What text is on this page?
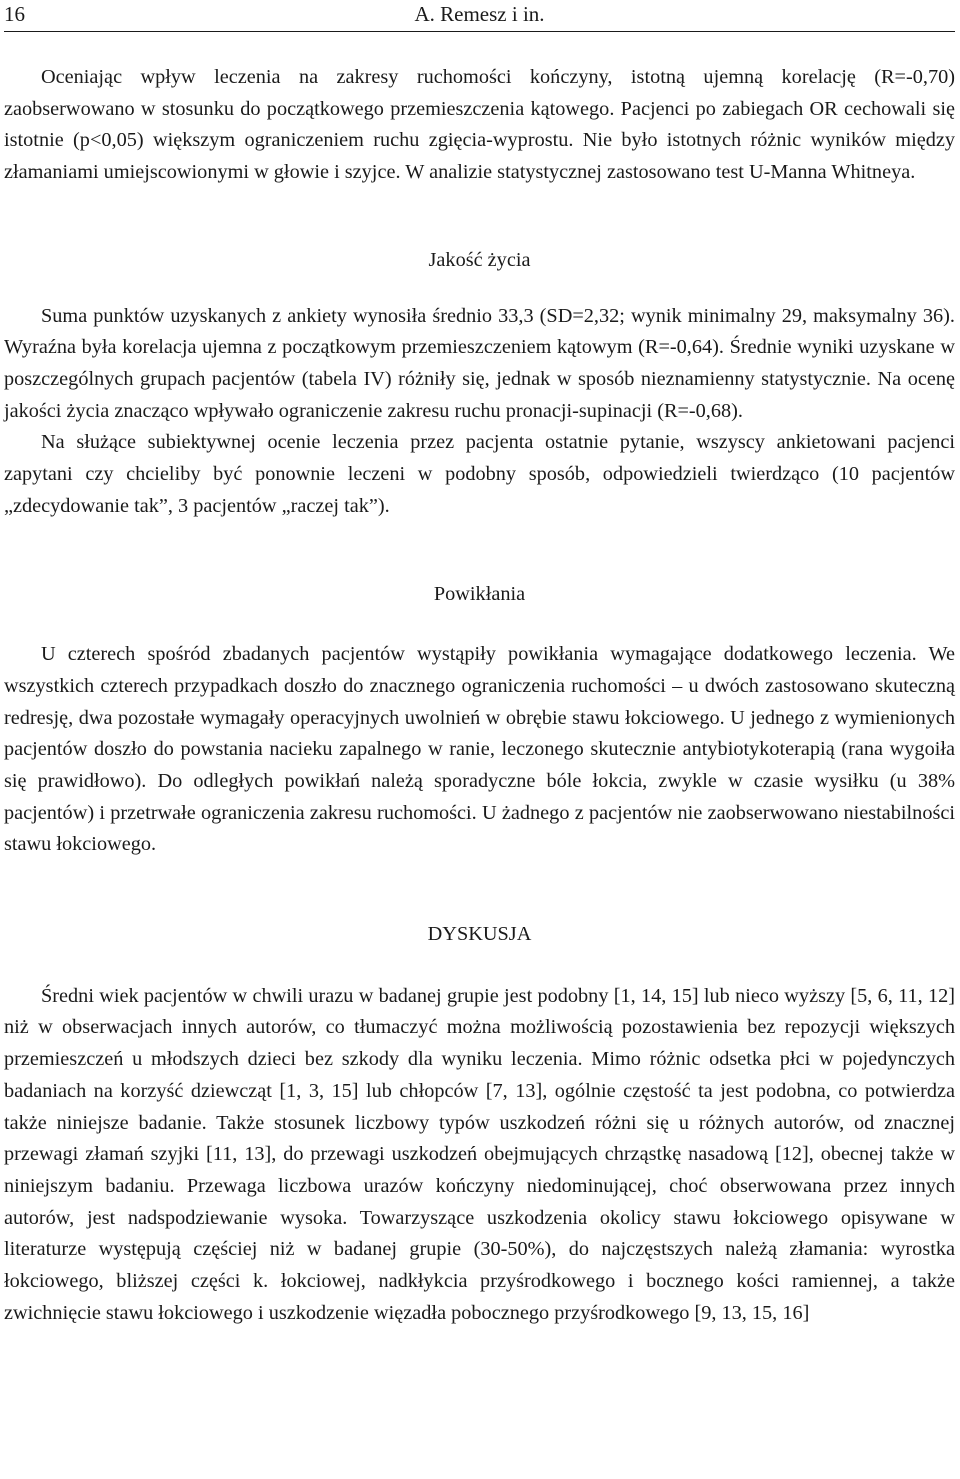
16	A. Remesz i in.

Oceniając wpływ leczenia na zakresy ruchomości kończyny, istotną ujemną korelację (R=-0,70) zaobserwowano w stosunku do początkowego przemieszczenia kątowego. Pacjenci po zabiegach OR cechowali się istotnie (p<0,05) większym ograniczeniem ruchu zgięcia-wyprostu. Nie było istotnych różnic wyników między złamaniami umiejscowionymi w głowie i szyjce. W analizie statystycznej zastosowano test U-Manna Whitneya.

Jakość życia

Suma punktów uzyskanych z ankiety wynosiła średnio 33,3 (SD=2,32; wynik minimalny 29, maksymalny 36). Wyraźna była korelacja ujemna z początkowym przemieszczeniem kątowym (R=-0,64). Średnie wyniki uzyskane w poszczególnych grupach pacjentów (tabela IV) różniły się, jednak w sposób nieznamienny statystycznie. Na ocenę jakości życia znacząco wpływało ograniczenie zakresu ruchu pronacji-supinacji (R=-0,68).

Na służące subiektywnej ocenie leczenia przez pacjenta ostatnie pytanie, wszyscy ankietowani pacjenci zapytani czy chcieliby być ponownie leczeni w podobny sposób, odpowiedzieli twierdząco (10 pacjentów „zdecydowanie tak”, 3 pacjentów „raczej tak”).

Powikłania

U czterech spośród zbadanych pacjentów wystąpiły powikłania wymagające dodatkowego leczenia. We wszystkich czterech przypadkach doszło do znacznego ograniczenia ruchomości – u dwóch zastosowano skuteczną redresję, dwa pozostałe wymagały operacyjnych uwolnień w obrębie stawu łokciowego. U jednego z wymienionych pacjentów doszło do powstania nacieku zapalnego w ranie, leczonego skutecznie antybiotykoterapią (rana wygoiła się prawidłowo). Do odległych powikłań należą sporadyczne bóle łokcia, zwykle w czasie wysiłku (u 38% pacjentów) i przetrwałe ograniczenia zakresu ruchomości. U żadnego z pacjentów nie zaobserwowano niestabilności stawu łokciowego.

DYSKUSJA

Średni wiek pacjentów w chwili urazu w badanej grupie jest podobny [1, 14, 15] lub nieco wyższy [5, 6, 11, 12] niż w obserwacjach innych autorów, co tłumaczyć można możliwością pozostawienia bez repozycji większych przemieszczeń u młodszych dzieci bez szkody dla wyniku leczenia. Mimo różnic odsetka płci w pojedynczych badaniach na korzyść dziewcząt [1, 3, 15] lub chłopców [7, 13], ogólnie częstość ta jest podobna, co potwierdza także niniejsze badanie. Także stosunek liczbowy typów uszkodzeń różni się u różnych autorów, od znacznej przewagi złamań szyjki [11, 13], do przewagi uszkodzeń obejmujących chrząstkę nasadową [12], obecnej także w niniejszym badaniu. Przewaga liczbowa urazów kończyny niedominującej, choć obserwowana przez innych autorów, jest nadspodziewanie wysoka. Towarzyszące uszkodzenia okolicy stawu łokciowego opisywane w literaturze występują częściej niż w badanej grupie (30-50%), do najczęstszych należą złamania: wyrostka łokciowego, bliższej części k. łokciowej, nadkłykcia przyśrodkowego i bocznego kości ramiennej, a także zwichnięcie stawu łokciowego i uszkodzenie więzadła pobocznego przyśrodkowego [9, 13, 15, 16]
